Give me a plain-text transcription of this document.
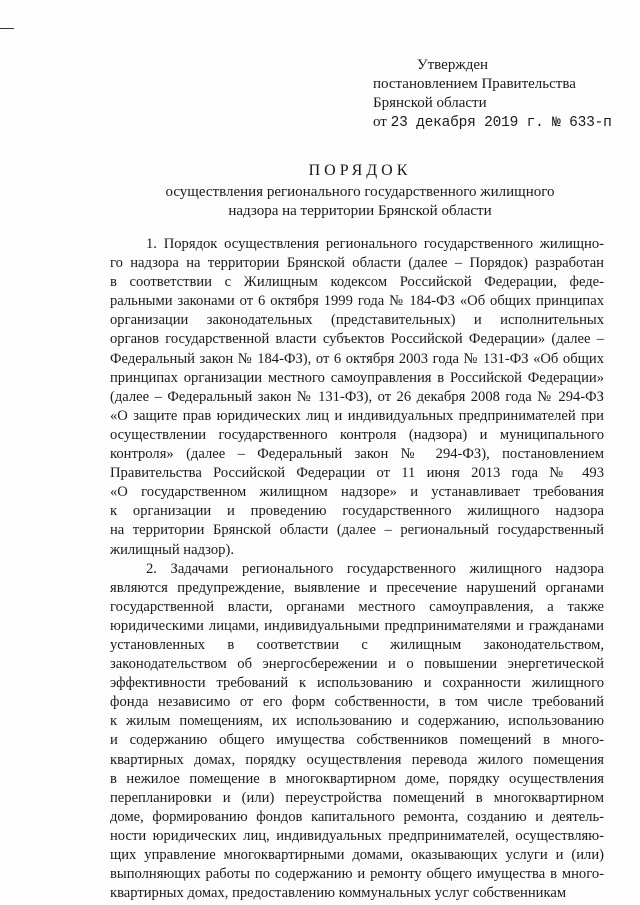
Утвержден
постановлением Правительства
Брянской области
от 23 декабря 2019 г. № 633-п
ПОРЯДОК
осуществления регионального государственного жилищного
надзора на территории Брянской области

1. Порядок осуществления регионального государственного жилищно-
го надзора на территории Брянской области (далее – Порядок) разработан
в соответствии с Жилищным кодексом Российской Федерации, феде-
ральными законами от 6 октября 1999 года № 184-ФЗ «Об общих принципах
организации законодательных (представительных) и исполнительных
органов государственной власти субъектов Российской Федерации» (далее –
Федеральный закон № 184-ФЗ), от 6 октября 2003 года № 131-ФЗ «Об общих
принципах организации местного самоуправления в Российской Федерации»
(далее – Федеральный закон № 131-ФЗ), от 26 декабря 2008 года № 294-ФЗ
«О защите прав юридических лиц и индивидуальных предпринимателей при
осуществлении государственного контроля (надзора) и муниципального
контроля» (далее – Федеральный закон № 294-ФЗ), постановлением
Правительства Российской Федерации от 11 июня 2013 года № 493
«О государственном жилищном надзоре» и устанавливает требования
к организации и проведению государственного жилищного надзора
на территории Брянской области (далее – региональный государственный
жилищный надзор).

2. Задачами регионального государственного жилищного надзора
являются предупреждение, выявление и пресечение нарушений органами
государственной власти, органами местного самоуправления, а также
юридическими лицами, индивидуальными предпринимателями и гражданами
установленных в соответствии с жилищным законодательством,
законодательством об энергосбережении и о повышении энергетической
эффективности требований к использованию и сохранности жилищного
фонда независимо от его форм собственности, в том числе требований
к жилым помещениям, их использованию и содержанию, использованию
и содержанию общего имущества собственников помещений в много-
квартирных домах, порядку осуществления перевода жилого помещения
в нежилое помещение в многоквартирном доме, порядку осуществления
перепланировки и (или) переустройства помещений в многоквартирном
доме, формированию фондов капитального ремонта, созданию и деятель-
ности юридических лиц, индивидуальных предпринимателей, осуществляю-
щих управление многоквартирными домами, оказывающих услуги и (или)
выполняющих работы по содержанию и ремонту общего имущества в много-
квартирных домах, предоставлению коммунальных услуг собственникам
